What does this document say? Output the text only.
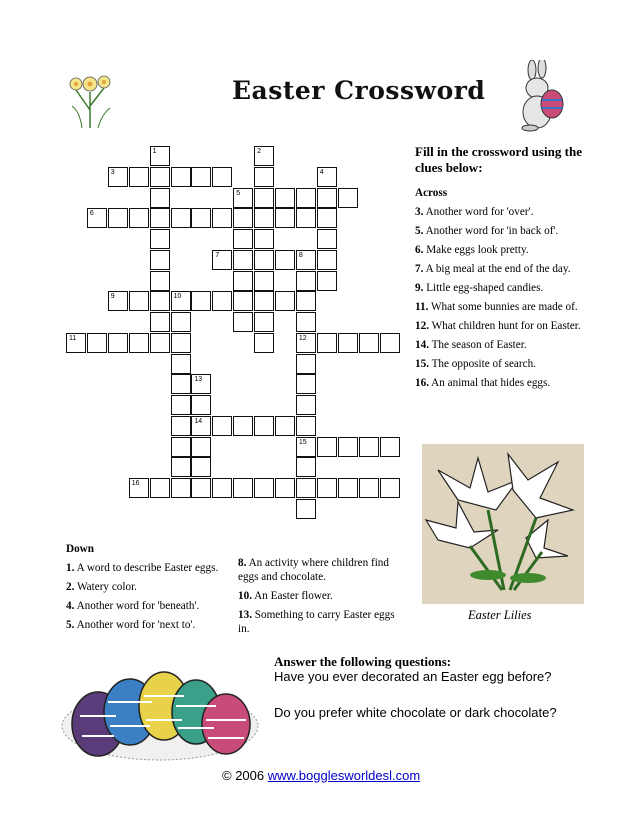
Easter Crossword
3
5
6
7	8
9	10
11	12
14
15
16
1	2
4
13
Fill in the crossword using the clues below:
Across
3. Another word for 'over'.
5. Another word for 'in back of'.
6. Make eggs look pretty.
7. A big meal at the end of the day.
9. Little egg-shaped candies.
11. What some bunnies are made of.
12. What children hunt for on Easter.
14. The season of Easter.
15. The opposite of search.
16. An animal that hides eggs.
Easter Lilies
Down
1. A word to describe Easter eggs.
2. Watery color.
4. Another word for 'beneath'.
5. Another word for 'next to'.
8. An activity where children find eggs and chocolate.
10. An Easter flower.
13. Something to carry Easter eggs in.
Answer the following questions:
Have you ever decorated an Easter egg before?
Do you prefer white chocolate or dark chocolate?
© 2006 www.bogglesworldesl.com
